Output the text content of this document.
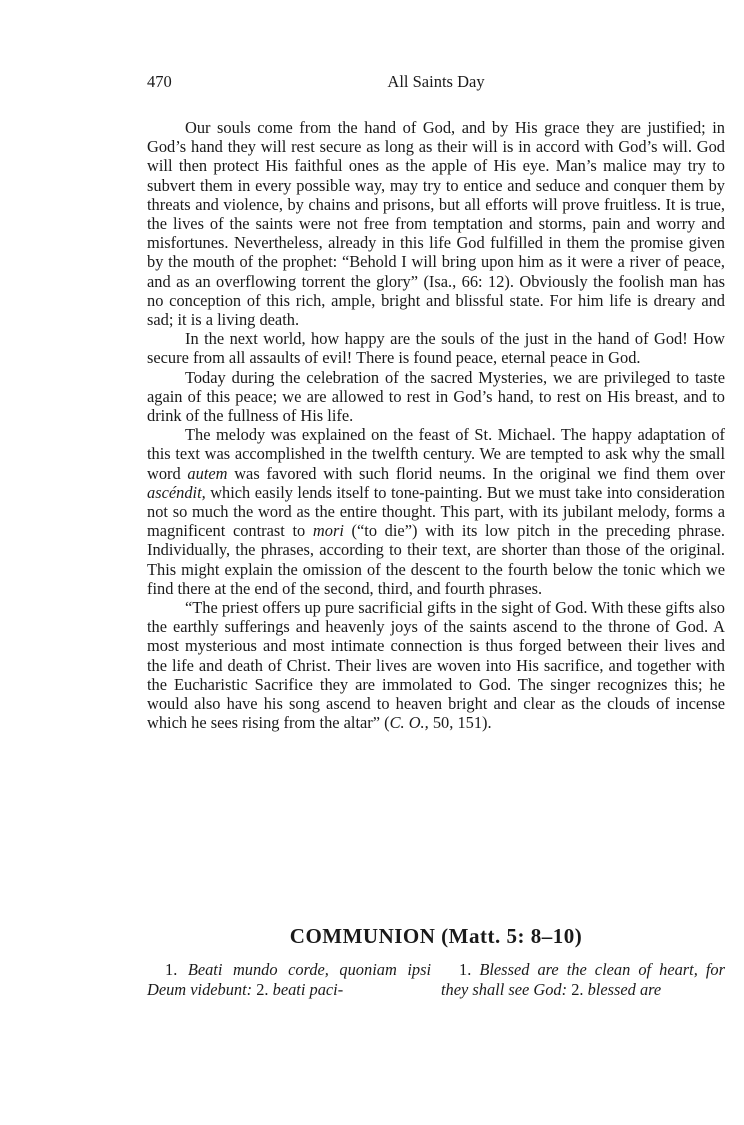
470	All Saints Day

Our souls come from the hand of God, and by His grace they are justified; in God’s hand they will rest secure as long as their will is in accord with God’s will. God will then protect His faithful ones as the apple of His eye. Man’s malice may try to subvert them in every possible way, may try to entice and seduce and conquer them by threats and violence, by chains and prisons, but all efforts will prove fruitless. It is true, the lives of the saints were not free from temptation and storms, pain and worry and misfortunes. Nevertheless, already in this life God fulfilled in them the promise given by the mouth of the prophet: “Behold I will bring upon him as it were a river of peace, and as an overflowing torrent the glory” (Isa., 66: 12). Obviously the foolish man has no conception of this rich, ample, bright and blissful state. For him life is dreary and sad; it is a living death.

In the next world, how happy are the souls of the just in the hand of God! How secure from all assaults of evil! There is found peace, eternal peace in God.

Today during the celebration of the sacred Mysteries, we are privileged to taste again of this peace; we are allowed to rest in God’s hand, to rest on His breast, and to drink of the fullness of His life.

The melody was explained on the feast of St. Michael. The happy adaptation of this text was accomplished in the twelfth century. We are tempted to ask why the small word autem was favored with such florid neums. In the original we find them over ascéndit, which easily lends itself to tone-painting. But we must take into consideration not so much the word as the entire thought. This part, with its jubilant melody, forms a magnificent contrast to mori (“to die”) with its low pitch in the preceding phrase. Individually, the phrases, according to their text, are shorter than those of the original. This might explain the omission of the descent to the fourth below the tonic which we find there at the end of the second, third, and fourth phrases.

“The priest offers up pure sacrificial gifts in the sight of God. With these gifts also the earthly sufferings and heavenly joys of the saints ascend to the throne of God. A most mysterious and most intimate connection is thus forged between their lives and the life and death of Christ. Their lives are woven into His sacrifice, and together with the Eucharistic Sacrifice they are immolated to God. The singer recognizes this; he would also have his song ascend to heaven bright and clear as the clouds of incense which he sees rising from the altar” (C. O., 50, 151).

COMMUNION (Matt. 5: 8–10)

1. Beati mundo corde, quoniam ipsi Deum videbunt: 2. beati paci-

1. Blessed are the clean of heart, for they shall see God: 2. blessed are
